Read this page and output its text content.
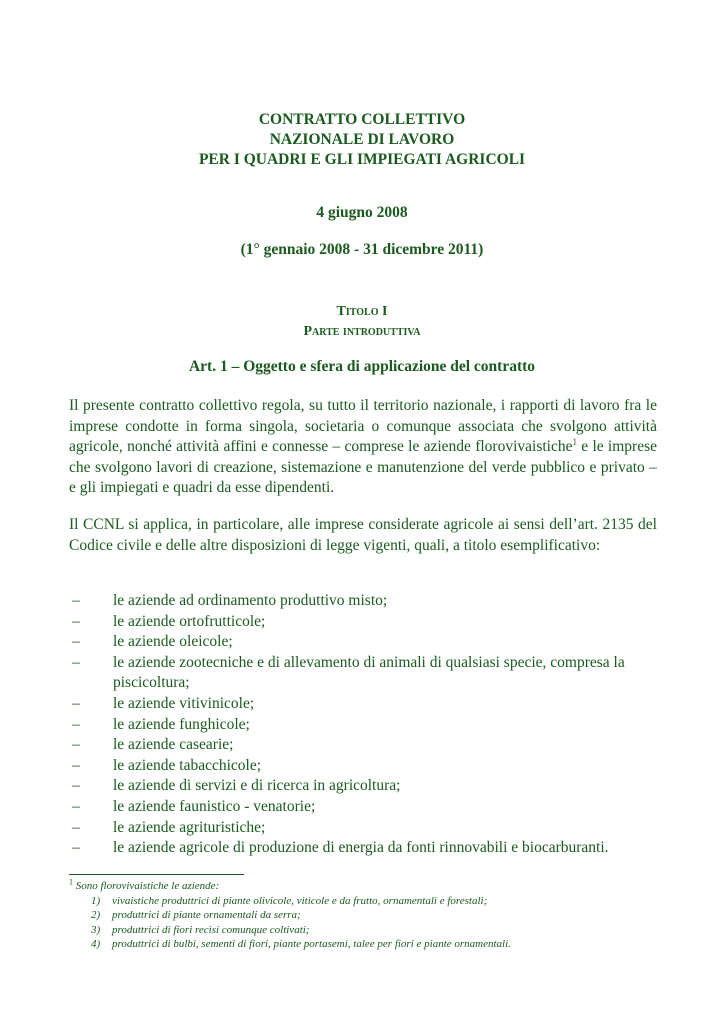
CONTRATTO COLLETTIVO
NAZIONALE DI LAVORO
PER I QUADRI E GLI IMPIEGATI AGRICOLI
4 giugno 2008
(1° gennaio 2008 - 31 dicembre 2011)
Titolo I
Parte introduttiva
Art. 1 – Oggetto e sfera di applicazione del contratto

Il presente contratto collettivo regola, su tutto il territorio nazionale, i rapporti di lavoro fra le imprese condotte in forma singola, societaria o comunque associata che svolgono attività agricole, nonché attività affini e connesse – comprese le aziende florovivaistiche$^1$ e le imprese che svolgono lavori di creazione, sistemazione e manutenzione del verde pubblico e privato – e gli impiegati e quadri da esse dipendenti.

Il CCNL si applica, in particolare, alle imprese considerate agricole ai sensi dell’art. 2135 del Codice civile e delle altre disposizioni di legge vigenti, quali, a titolo esemplificativo:

– le aziende ad ordinamento produttivo misto;
– le aziende ortofrutticole;
– le aziende oleicole;
– le aziende zootecniche e di allevamento di animali di qualsiasi specie, compresa la piscicoltura;
– le aziende vitivinicole;
– le aziende funghicole;
– le aziende casearie;
– le aziende tabacchicole;
– le aziende di servizi e di ricerca in agricoltura;
– le aziende faunistico - venatorie;
– le aziende agrituristiche;
– le aziende agricole di produzione di energia da fonti rinnovabili e biocarburanti.
$^1$ Sono florovivaistiche le aziende:
1) vivaistiche produttrici di piante olivicole, viticole e da frutto, ornamentali e forestali;
2) produttrici di piante ornamentali da serra;
3) produttrici di fiori recisi comunque coltivati;
4) produttrici di bulbi, sementi di fiori, piante portasemi, talee per fiori e piante ornamentali.
